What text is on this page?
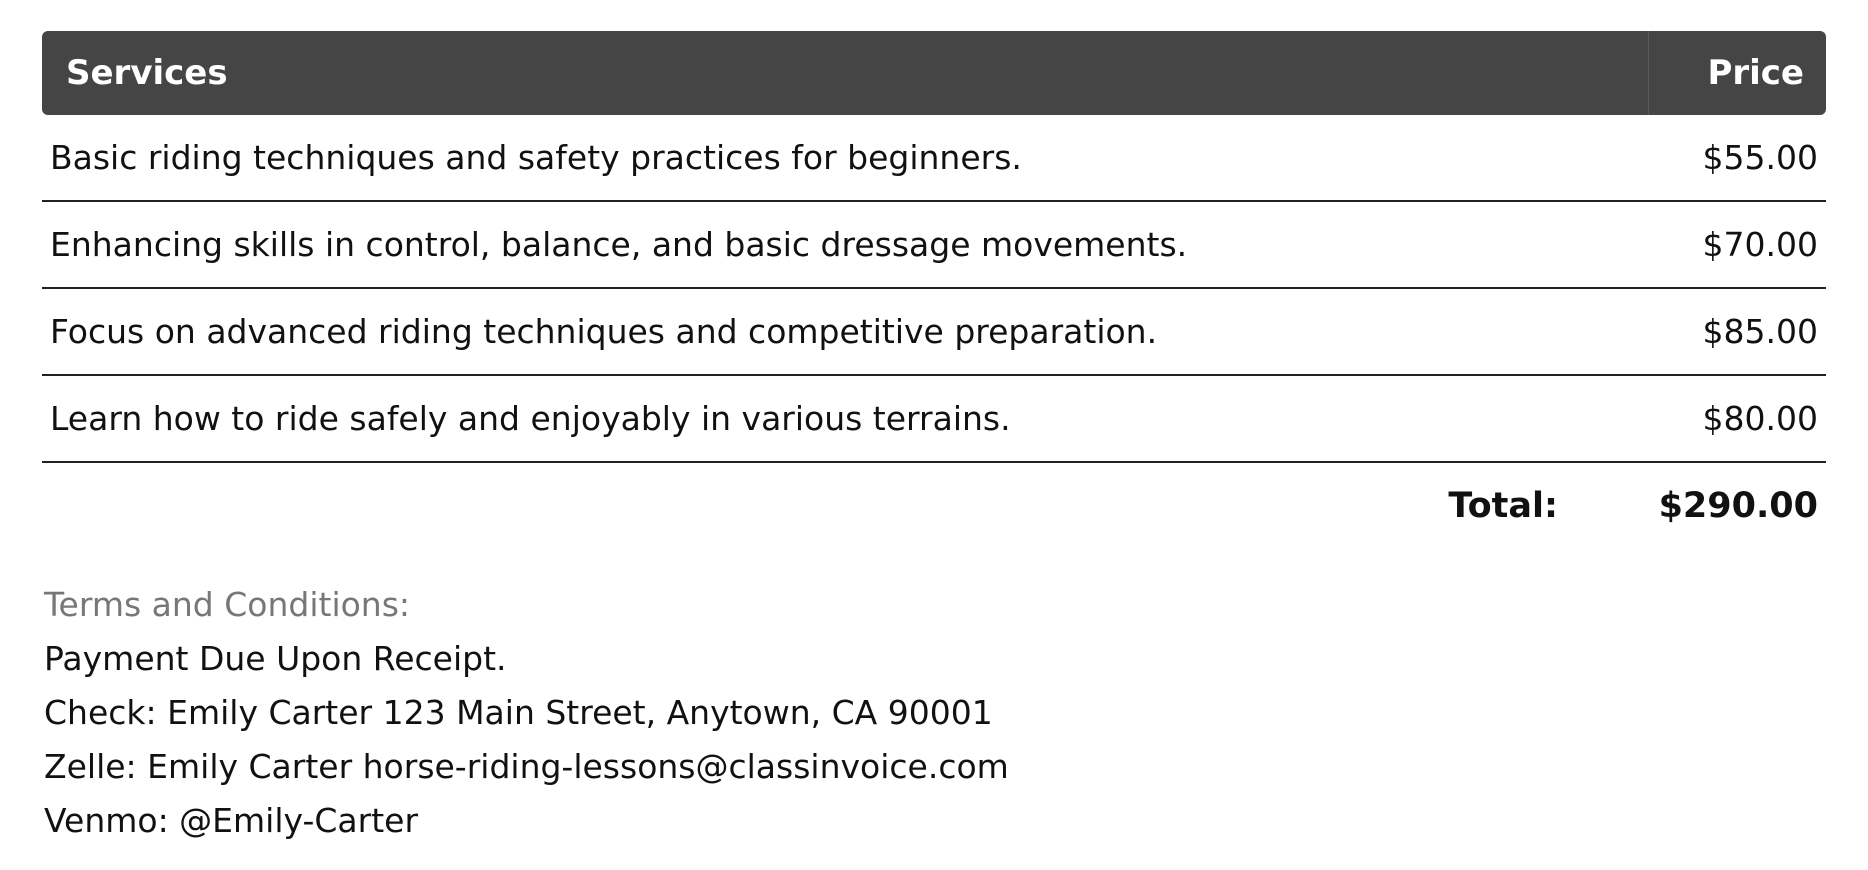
Services	Price
Basic riding techniques and safety practices for beginners.	$55.00
Enhancing skills in control, balance, and basic dressage movements.	$70.00
Focus on advanced riding techniques and competitive preparation.	$85.00
Learn how to ride safely and enjoyably in various terrains.	$80.00
Total:	$290.00

Terms and Conditions:

Payment Due Upon Receipt.

Check: Emily Carter 123 Main Street, Anytown, CA 90001

Zelle: Emily Carter horse-riding-lessons@classinvoice.com

Venmo: @Emily-Carter
